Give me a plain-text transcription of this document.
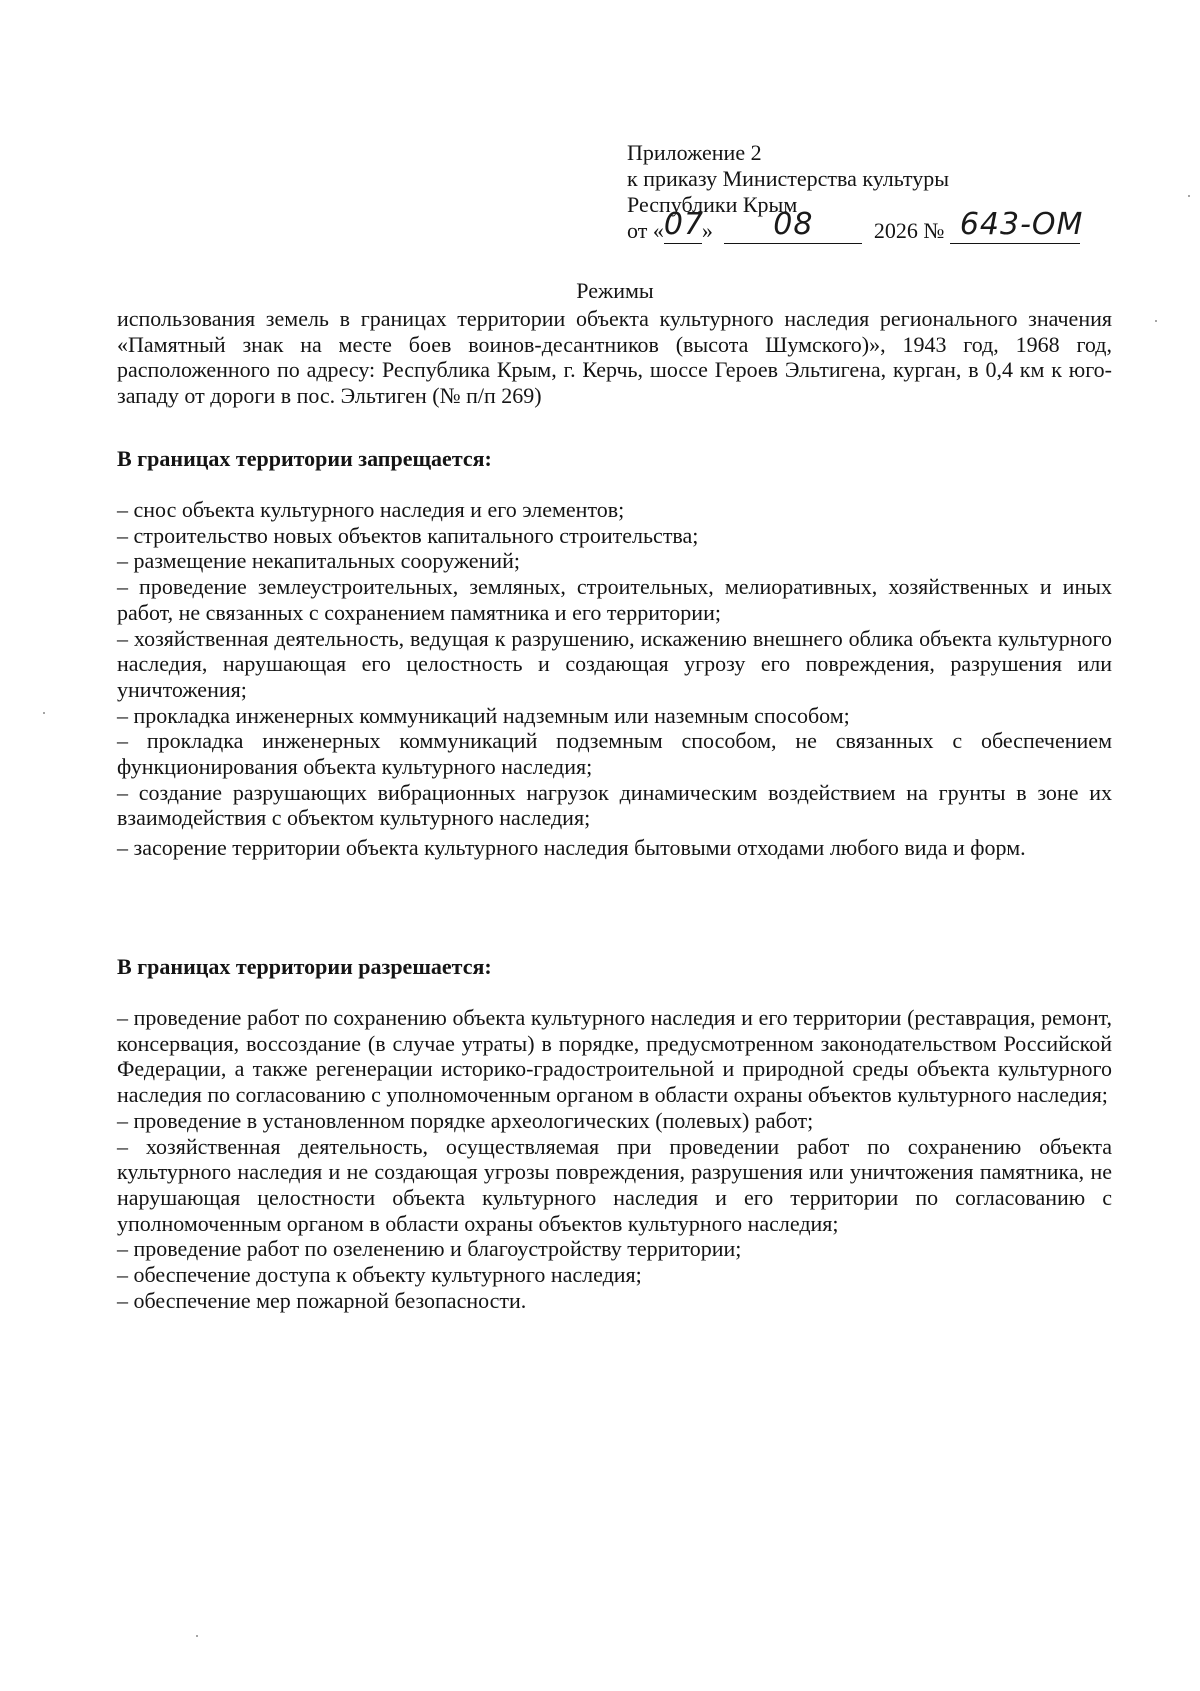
Приложение 2
к приказу Министерства культуры
Республики Крым
от «07» 08	2026 № 643-ОМ
Режимы
использования земель в границах территории объекта культурного наследия регионального значения «Памятный знак на месте боев воинов-десантников (высота Шумского)», 1943 год, 1968 год, расположенного по адресу: Республика Крым, г. Керчь, шоссе Героев Эльтигена, курган, в 0,4 км к юго-западу от дороги в пос. Эльтиген (№ п/п 269)
В границах территории запрещается:

– снос объекта культурного наследия и его элементов;

– строительство новых объектов капитального строительства;

– размещение некапитальных сооружений;

– проведение землеустроительных, земляных, строительных, мелиоративных, хозяйственных и иных работ, не связанных с сохранением памятника и его территории;

– хозяйственная деятельность, ведущая к разрушению, искажению внешнего облика объекта культурного наследия, нарушающая его целостность и создающая угрозу его повреждения, разрушения или уничтожения;

– прокладка инженерных коммуникаций надземным или наземным способом;

– прокладка инженерных коммуникаций подземным способом, не связанных с обеспечением функционирования объекта культурного наследия;

– создание разрушающих вибрационных нагрузок динамическим воздействием на грунты в зоне их взаимодействия с объектом культурного наследия;

– засорение территории объекта культурного наследия бытовыми отходами любого вида и форм.

В границах территории разрешается:

– проведение работ по сохранению объекта культурного наследия и его территории (реставрация, ремонт, консервация, воссоздание (в случае утраты) в порядке, предусмотренном законодательством Российской Федерации, а также регенерации историко-градостроительной и природной среды объекта культурного наследия по согласованию с уполномоченным органом в области охраны объектов культурного наследия;

– проведение в установленном порядке археологических (полевых) работ;

– хозяйственная деятельность, осуществляемая при проведении работ по сохранению объекта культурного наследия и не создающая угрозы повреждения, разрушения или уничтожения памятника, не нарушающая целостности объекта культурного наследия и его территории по согласованию с уполномоченным органом в области охраны объектов культурного наследия;

– проведение работ по озеленению и благоустройству территории;

– обеспечение доступа к объекту культурного наследия;

– обеспечение мер пожарной безопасности.
